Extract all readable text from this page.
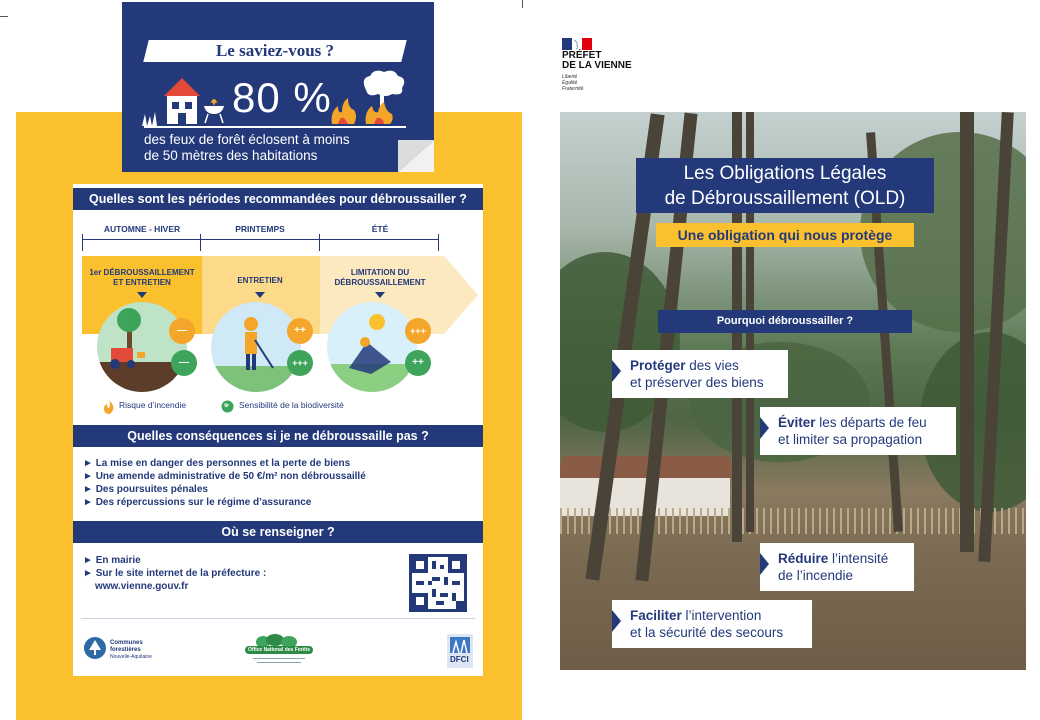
Le saviez-vous ?
80 %
des feux de forêt éclosent à moins
de 50 mètres des habitations
Quelles sont les périodes recommandées pour débroussailler ?
AUTOMNE - HIVER	PRINTEMPS	ÉTÉ
1er DÉBROUSSAILLEMENT
ET ENTRETIEN	ENTRETIEN
LIMITATION DU
DÉBROUSSAILLEMENT
—
—
++
+++
+++
++
Risque d’incendie	Sensibilité de la biodiversité
Quelles conséquences si je ne débroussaille pas ?
► La mise en danger des personnes et la perte de biens
► Une amende administrative de 50 €/m² non débroussaillé
► Des poursuites pénales
► Des répercussions sur le régime d’assurance
Où se renseigner ?
► En mairie
► Sur le site internet de la préfecture :
www.vienne.gouv.fr
Communes
forestières
Nouvelle-Aquitaine
Office National des Forêts
DFCI
PRÉFET
DE LA VIENNE
Liberté
Égalité
Fraternité
Les Obligations Légales
de Débroussaillement (OLD)
Une obligation qui nous protège
Pourquoi débroussailler ?
Protéger des vies
et préserver des biens
Éviter les départs de feu
et limiter sa propagation
Réduire l’intensité
de l’incendie
Faciliter l’intervention
et la sécurité des secours
